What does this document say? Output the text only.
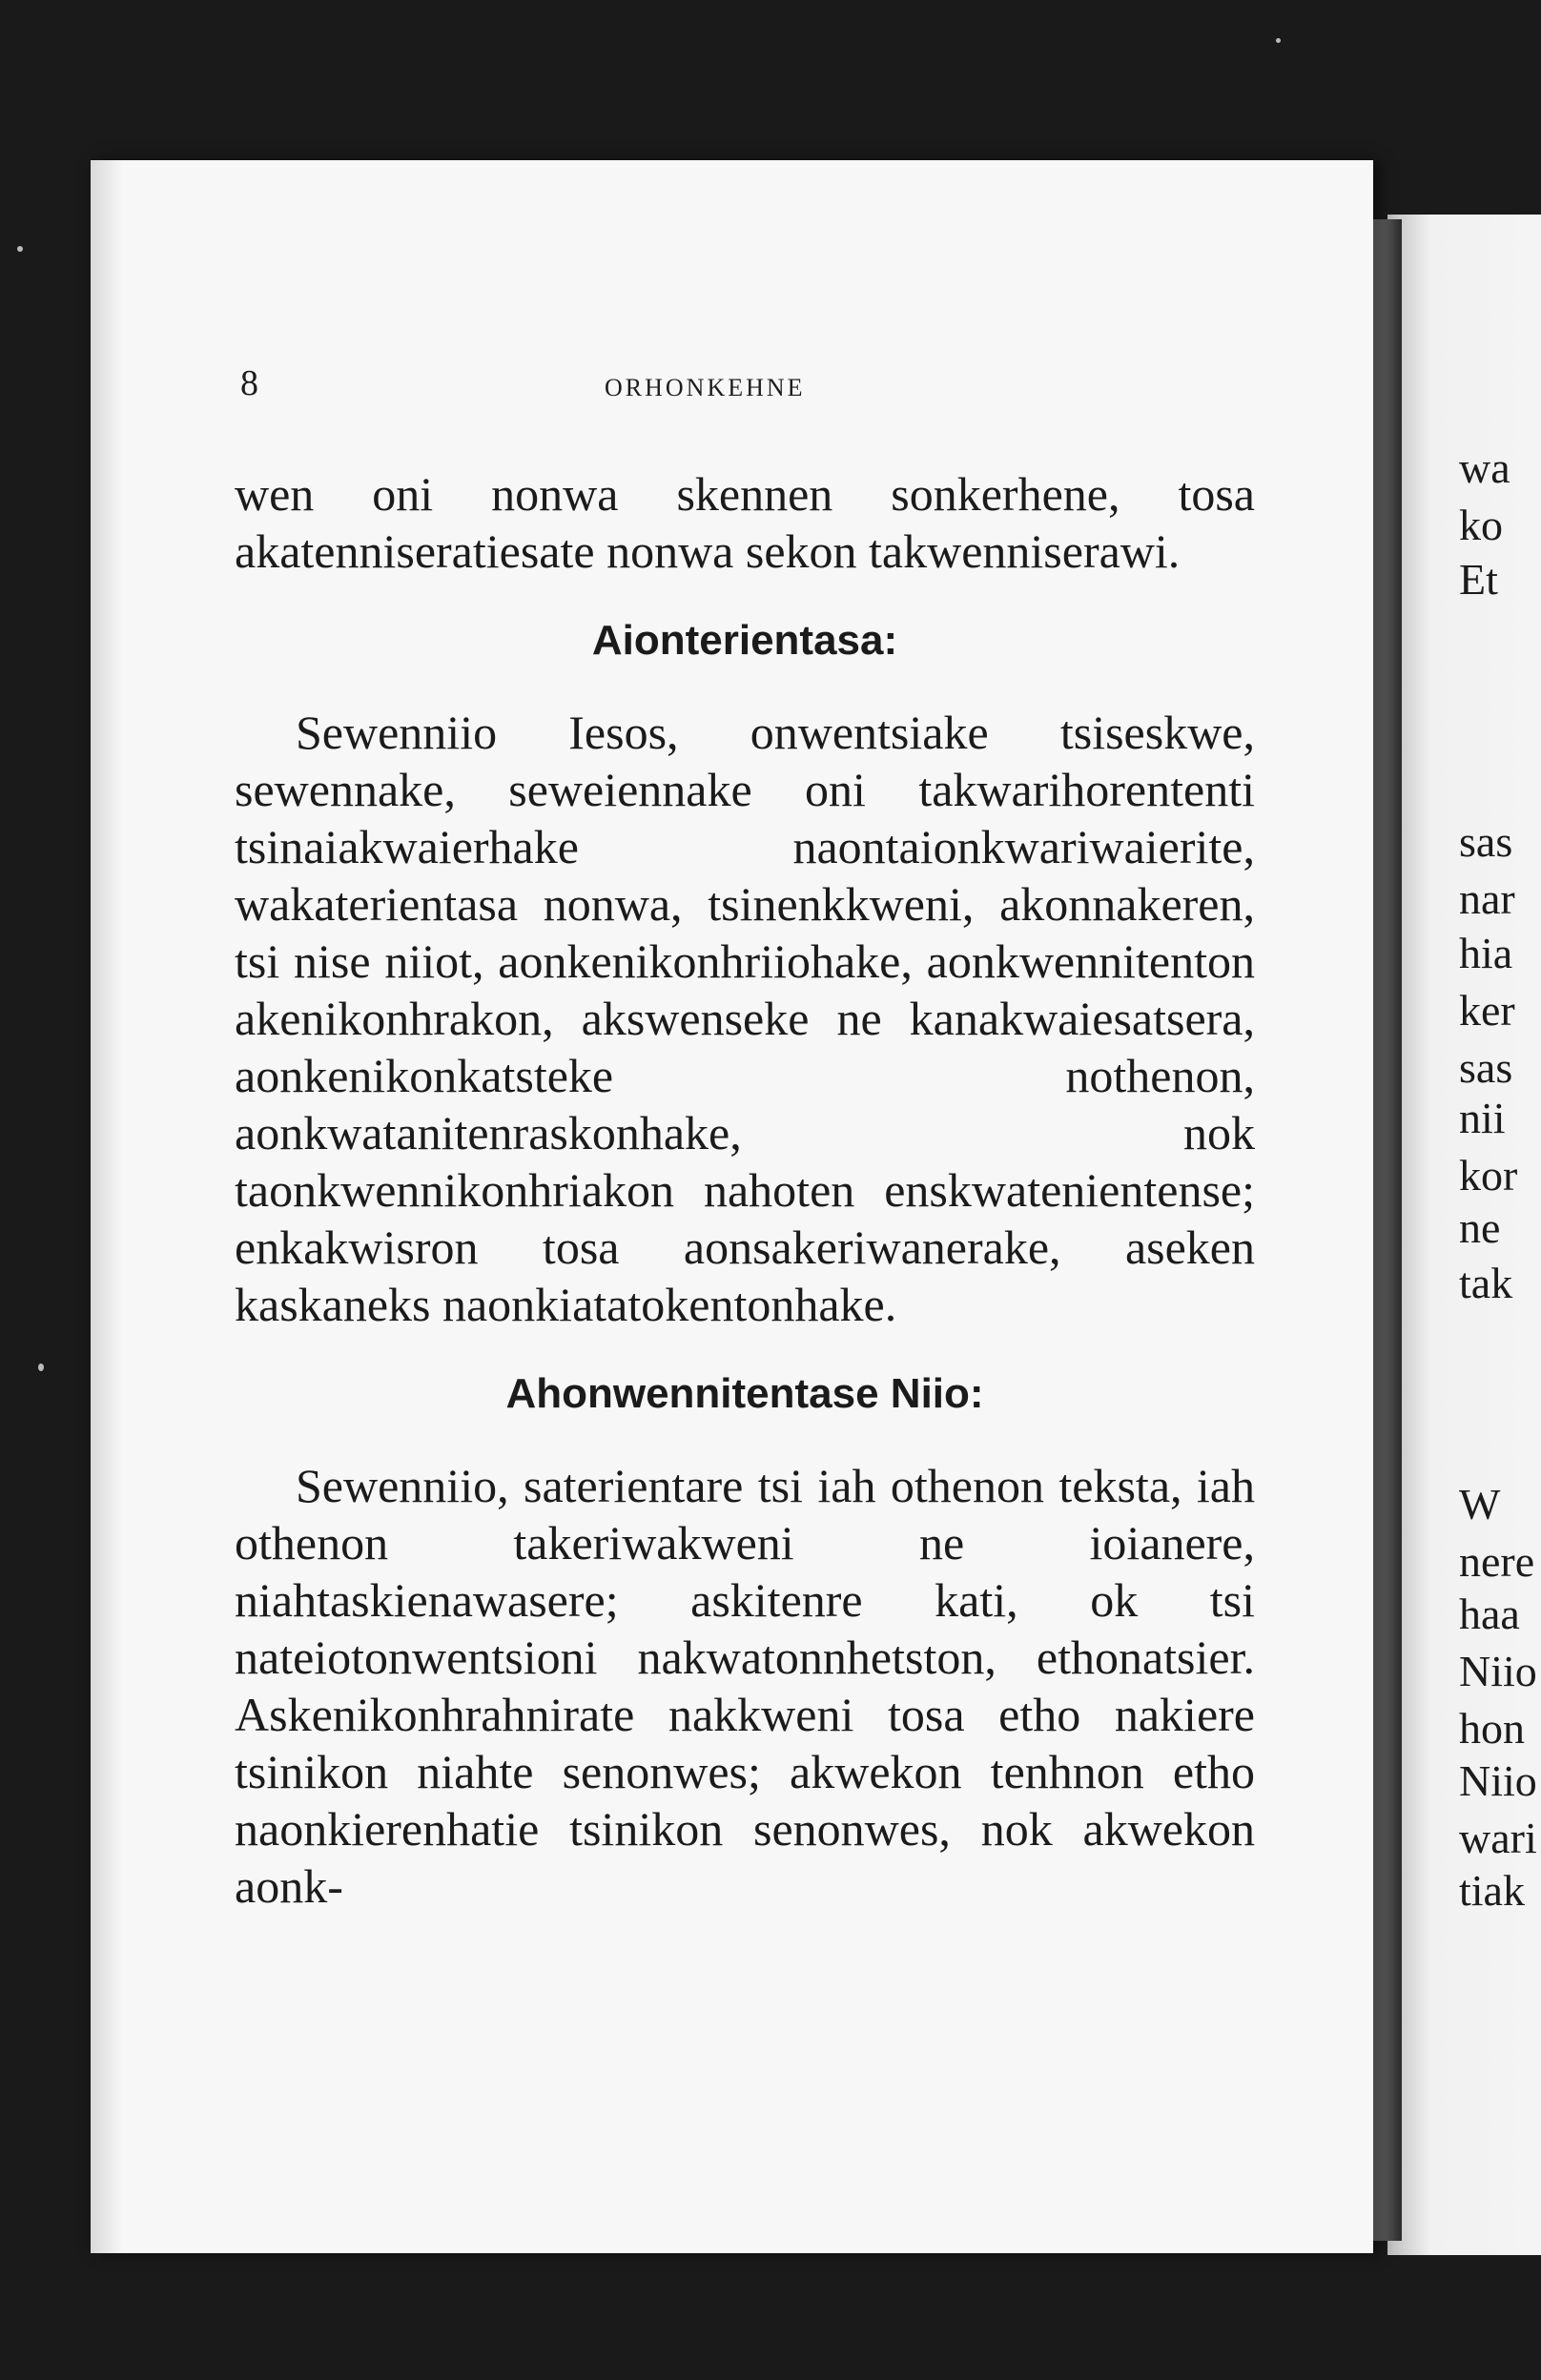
wa
ko
Et
sas
nar
hia
ker
sas
nii
kor
ne
tak
W
nere
haa
Niio
hon
Niio
wari
tiak
8	ORHONKEHNE

wen oni nonwa skennen sonkerhene, tosa akatenniseratiesate nonwa sekon takwenniserawi.

Aionterientasa:

Sewenniio Iesos, onwentsiake tsiseskwe, sewennake, seweiennake oni takwarihorententi tsinaiakwaierhake naontaionkwariwaierite, wakaterientasa nonwa, tsinenkkweni, akonnakeren, tsi nise niiot, aonkenikonhriiohake, aonkwennitenton akenikonhrakon, akswenseke ne kanakwaiesatsera, aonkenikonkatsteke nothenon, aonkwatanitenraskonhake, nok taonkwennikonhriakon nahoten enskwatenientense; enkakwisron tosa aonsakeriwanerake, aseken kaskaneks naonkiatatokentonhake.

Ahonwennitentase Niio:

Sewenniio, saterientare tsi iah othenon teksta, iah othenon takeriwakweni ne ioianere, niahtaskienawasere; askitenre kati, ok tsi nateiotonwentsioni nakwatonnhetston, ethonatsier. Askenikonhrahnirate nakkweni tosa etho nakiere tsinikon niahte senonwes; akwekon tenhnon etho naonkierenhatie tsinikon senonwes, nok akwekon aonk-
